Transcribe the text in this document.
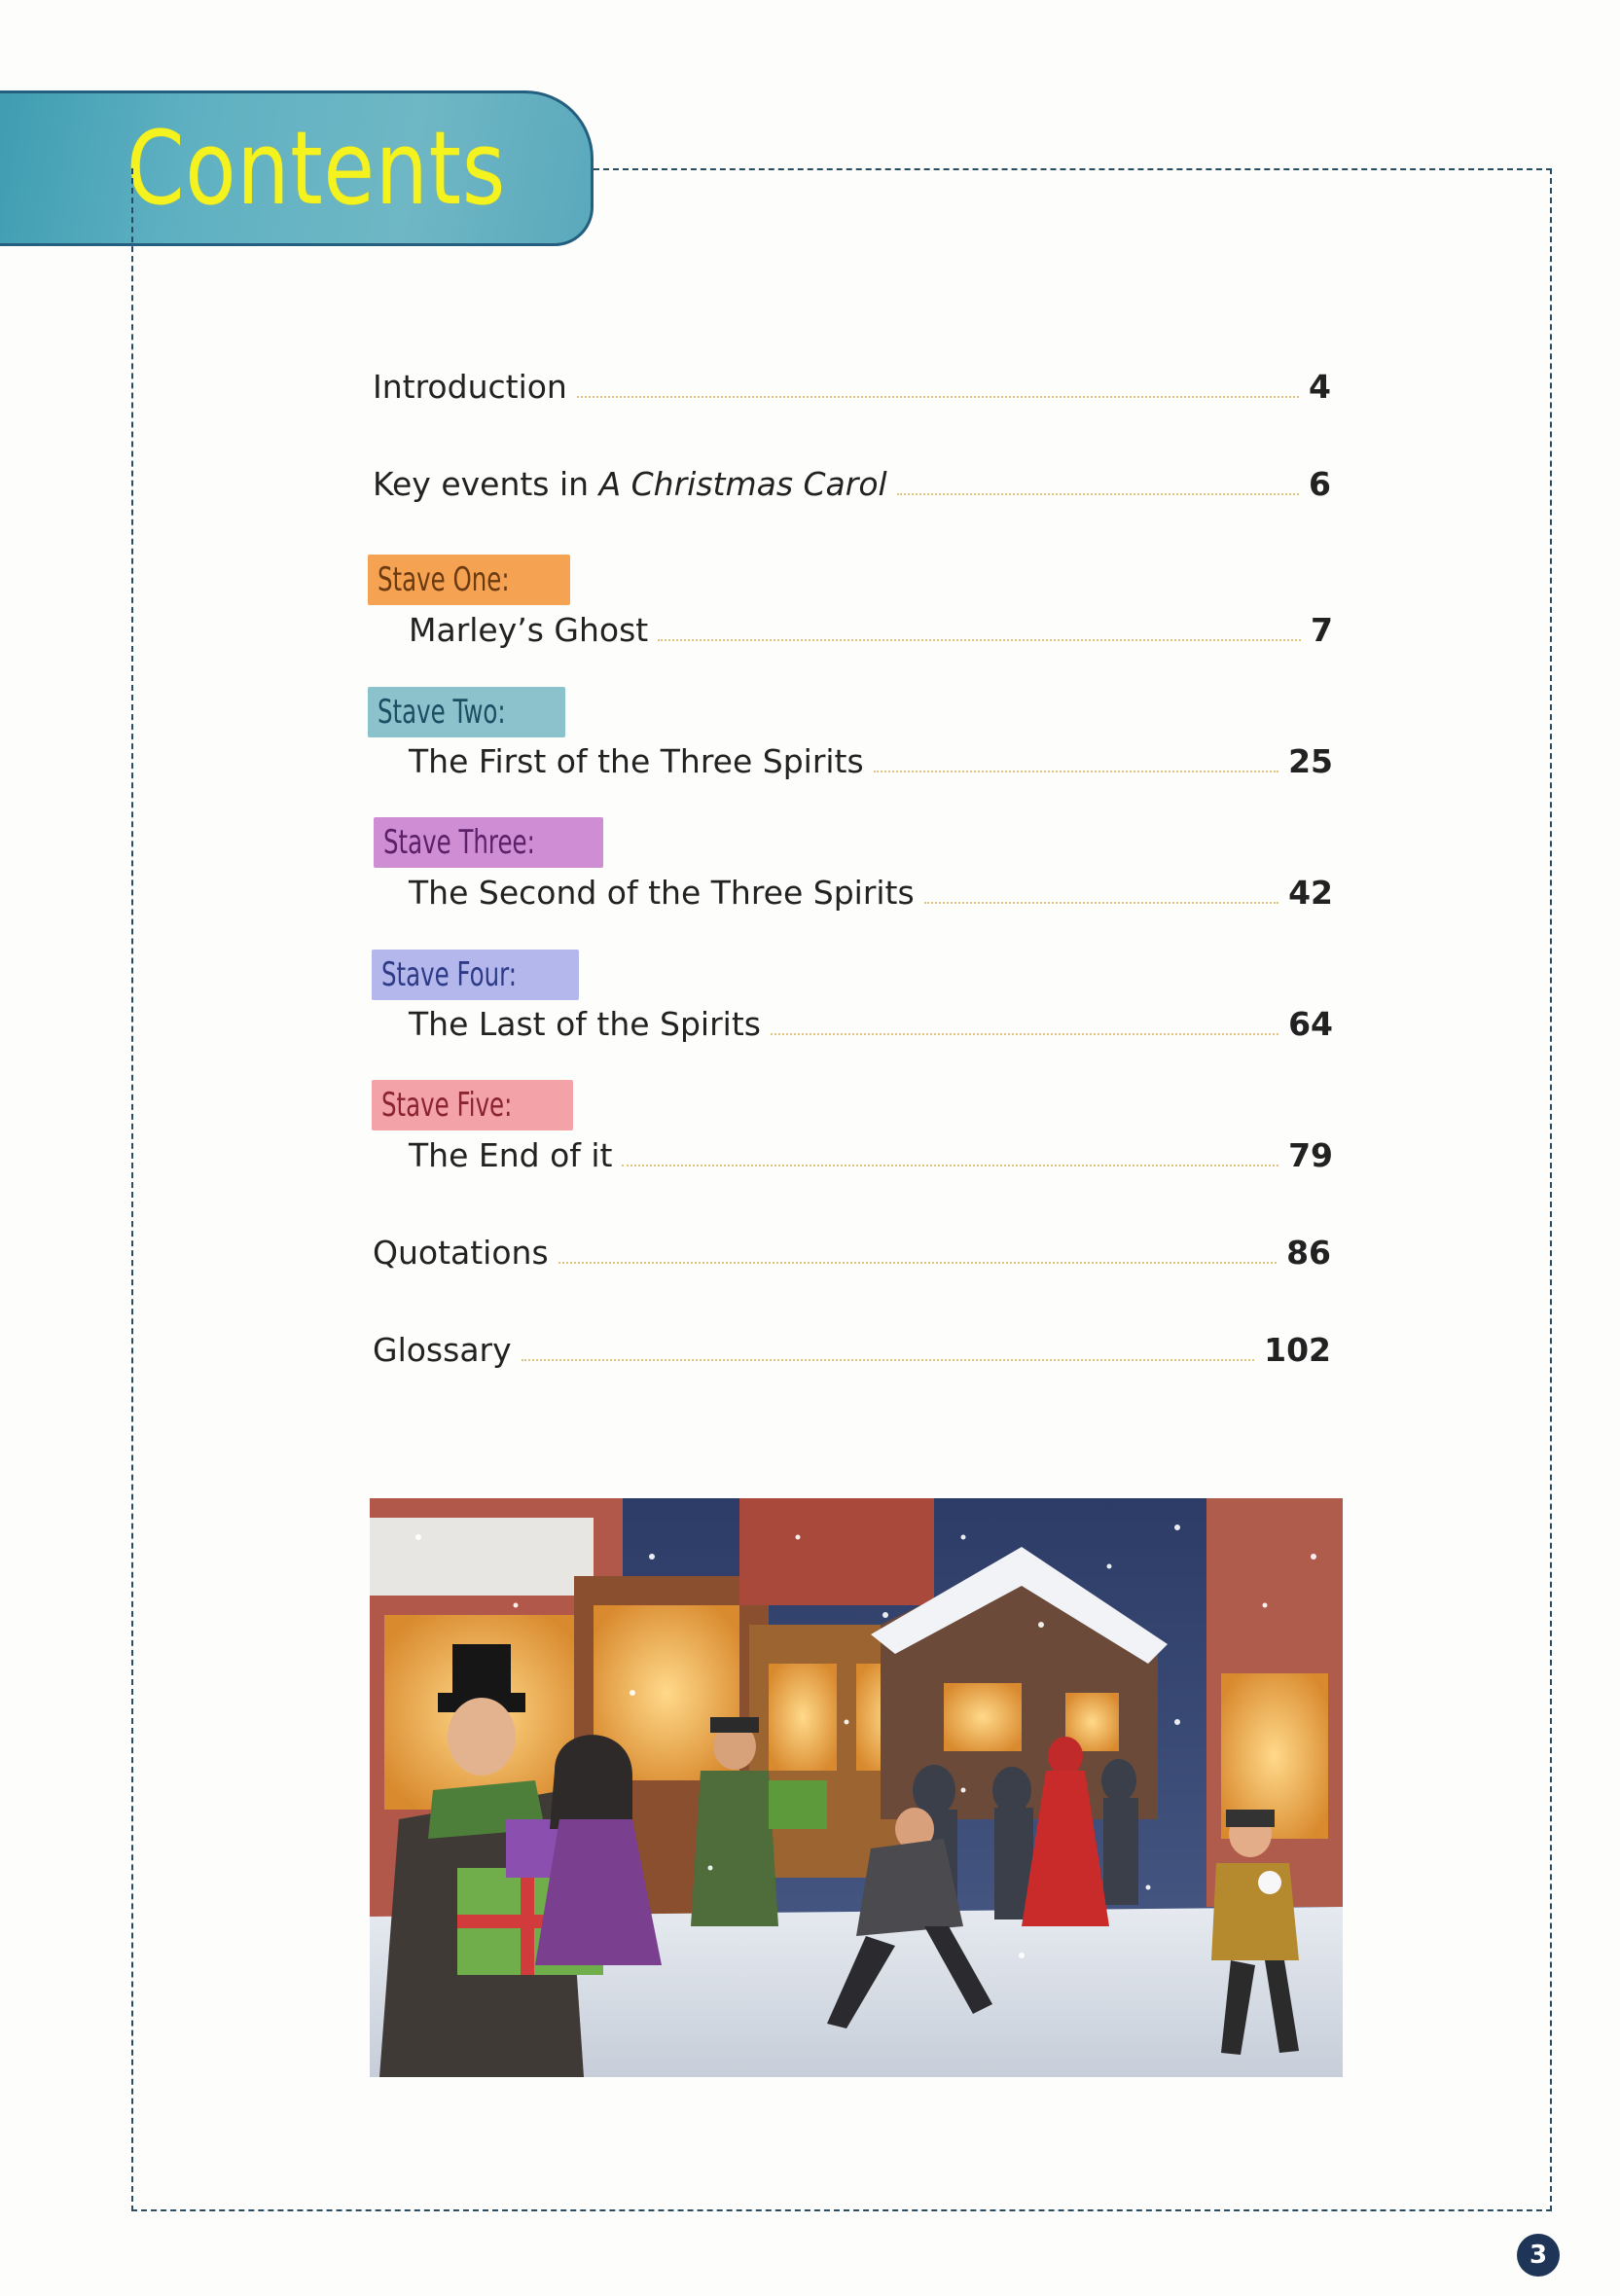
Contents
Introduction	4
Key events in A Christmas Carol	6
Stave One:
Marley’s Ghost	7
Stave Two:
The First of the Three Spirits	25
Stave Three:
The Second of the Three Spirits	42
Stave Four:
The Last of the Spirits	64
Stave Five:
The End of it	79
Quotations	86
Glossary	102
3
